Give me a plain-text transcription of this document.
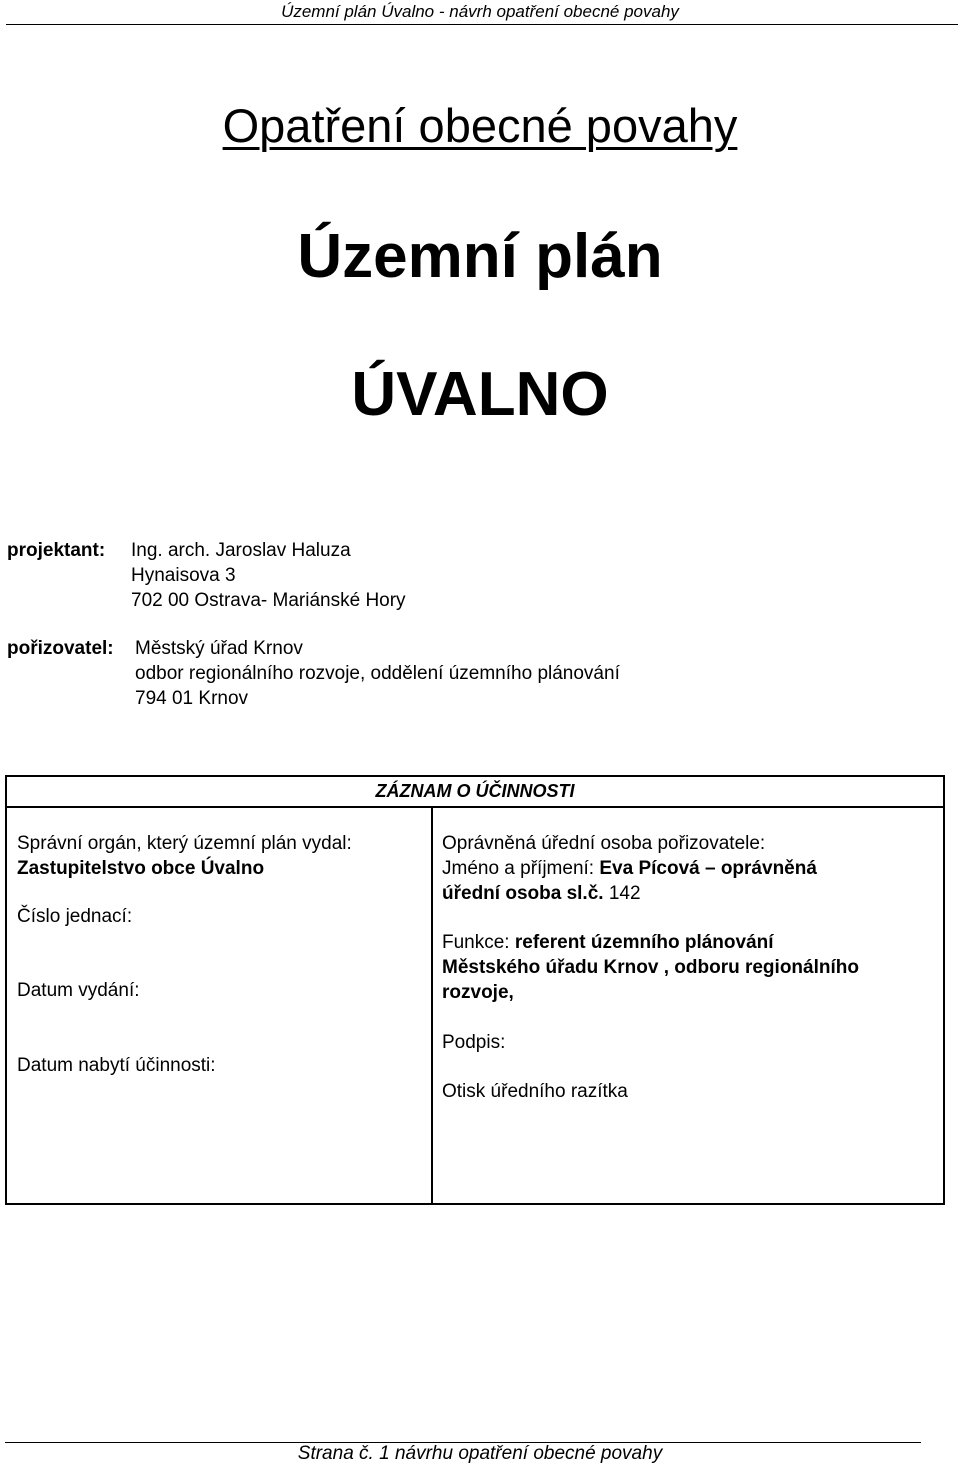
Územní plán Úvalno - návrh opatření obecné povahy
Opatření obecné povahy
Územní plán
ÚVALNO
projektant: Ing. arch. Jaroslav Haluza
Hynaisova 3
702 00 Ostrava- Mariánské Hory
pořizovatel: Městský úřad Krnov
odbor regionálního rozvoje, oddělení územního plánování
794 01 Krnov
ZÁZNAM O ÚČINNOSTI
Správní orgán, který územní plán vydal:
Zastupitelstvo obce Úvalno
Číslo jednací:
Datum vydání:
Datum nabytí účinnosti:
Oprávněná úřední osoba pořizovatele:
Jméno a příjmení: Eva Pícová – oprávněná
úřední osoba sl.č. 142
Funkce: referent územního plánování
Městského úřadu Krnov , odboru regionálního
rozvoje,
Podpis:
Otisk úředního razítka
Strana č. 1 návrhu opatření obecné povahy
